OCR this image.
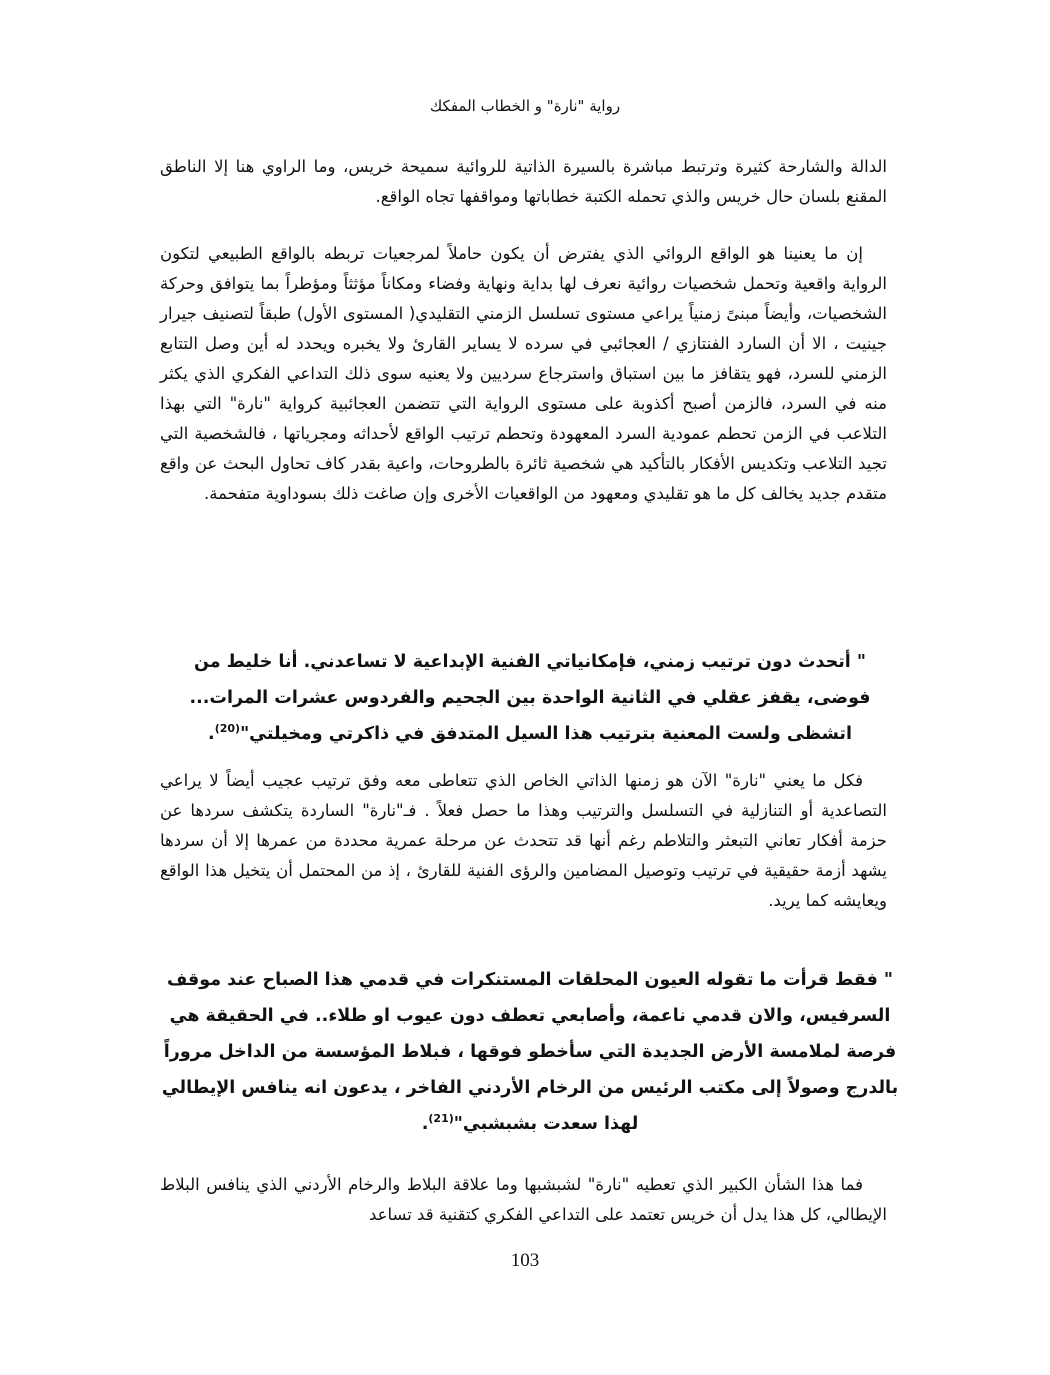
رواية "نارة" و الخطاب المفكك

الدالة والشارحة كثيرة وترتبط مباشرة بالسيرة الذاتية للروائية سميحة خريس، وما الراوي هنا إلا الناطق المقنع بلسان حال خريس والذي تحمله الكتبة خطاباتها ومواقفها تجاه الواقع.

إن ما يعنينا هو الواقع الروائي الذي يفترض أن يكون حاملاً لمرجعيات تربطه بالواقع الطبيعي لتكون الرواية واقعية وتحمل شخصيات روائية نعرف لها بداية ونهاية وفضاء ومكاناً مؤثثاً ومؤطراً بما يتوافق وحركة الشخصيات، وأيضاً مبنىً زمنياً يراعي مستوى تسلسل الزمني التقليدي( المستوى الأول) طبقاً لتصنيف جيرار جينيت ، الا أن السارد الفنتازي / العجائبي في سرده لا يساير القارئ ولا يخبره ويحدد له أين وصل التتابع الزمني للسرد، فهو يتقافز ما بين استباق واسترجاع سرديين ولا يعنيه سوى ذلك التداعي الفكري الذي يكثر منه في السرد، فالزمن أصبح أكذوبة على مستوى الرواية التي تتضمن العجائبية كرواية "نارة" التي بهذا التلاعب في الزمن تحطم عمودية السرد المعهودة وتحطم ترتيب الواقع لأحداثه ومجرياتها ، فالشخصية التي تجيد التلاعب وتكديس الأفكار بالتأكيد هي شخصية ثائرة بالطروحات، واعية بقدر كاف تحاول البحث عن واقع متقدم جديد يخالف كل ما هو تقليدي ومعهود من الواقعيات الأخرى وإن صاغت ذلك بسوداوية متفحمة.

" أتحدث دون ترتيب زمني، فإمكانياتي الفنية الإبداعية لا تساعدني. أنا خليط من فوضى، يقفز عقلي في الثانية الواحدة بين الجحيم والفردوس عشرات المرات... اتشظى ولست المعنية بترتيب هذا السيل المتدفق في ذاكرتي ومخيلتي"$^{(20)}$.

فكل ما يعني "نارة" الآن هو زمنها الذاتي الخاص الذي تتعاطى معه وفق ترتيب عجيب أيضاً لا يراعي التصاعدية أو التنازلية في التسلسل والترتيب وهذا ما حصل فعلاً . فـ"نارة" الساردة يتكشف سردها عن حزمة أفكار تعاني التبعثر والتلاطم رغم أنها قد تتحدث عن مرحلة عمرية محددة من عمرها إلا أن سردها يشهد أزمة حقيقية في ترتيب وتوصيل المضامين والرؤى الفنية للقارئ ، إذ من المحتمل أن يتخيل هذا الواقع ويعايشه كما يريد.

" فقط قرأت ما تقوله العيون المحلقات المستنكرات في قدمي هذا الصباح عند موقف السرفيس، والان قدمي ناعمة، وأصابعي تعطف دون عيوب او طلاء.. في الحقيقة هي فرصة لملامسة الأرض الجديدة التي سأخطو فوقها ، فبلاط المؤسسة من الداخل مروراً بالدرج وصولاً إلى مكتب الرئيس من الرخام الأردني الفاخر ، يدعون انه ينافس الإيطالي لهذا سعدت بشبشبي"$^{(21)}$.

فما هذا الشأن الكبير الذي تعطيه "نارة" لشبشبها وما علاقة البلاط والرخام الأردني الذي ينافس البلاط الإيطالي، كل هذا يدل أن خريس تعتمد على التداعي الفكري كتقنية قد تساعد

103
